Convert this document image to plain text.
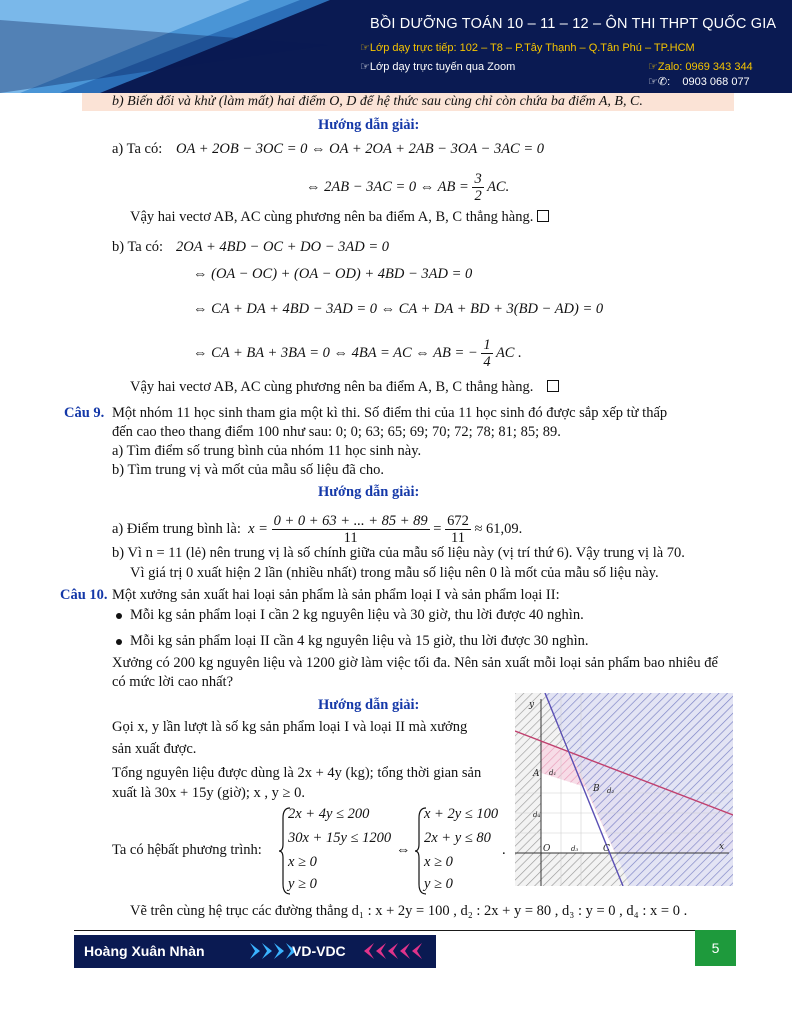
BỒI DƯỠNG TOÁN 10 – 11 – 12 – ÔN THI THPT QUỐC GIA
☞Lớp dạy trực tiếp: 102 – T8 – P.Tây Thạnh – Q.Tân Phú – TP.HCM
☞Lớp dạy trực tuyến qua Zoom	☞Zalo: 0969 343 344
☞✆: 0903 068 077
b) Biến đổi và khử (làm mất) hai điểm O, D để hệ thức sau cùng chỉ còn chứa ba điểm A, B, C.
Hướng dẫn giải:
a) Ta có: OA + 2OB − 3OC = 0 ⇔ OA + 2OA + 2AB − 3OA − 3AC = 0
⇔ 2AB − 3AC = 0 ⇔ AB = $\frac{3}{2}$ AC.
Vậy hai vectơ AB, AC cùng phương nên ba điểm A, B, C thẳng hàng.
b) Ta có: 2OA + 4BD − OC + DO − 3AD = 0
⇔ (OA − OC) + (OA − OD) + 4BD − 3AD = 0
⇔ CA + DA + 4BD − 3AD = 0 ⇔ CA + DA + BD + 3(BD − AD) = 0
⇔ CA + BA + 3BA = 0 ⇔ 4BA = AC ⇔ AB = − $\frac{1}{4}$ AC .
Vậy hai vectơ AB, AC cùng phương nên ba điểm A, B, C thẳng hàng.
Câu 9. Một nhóm 11 học sinh tham gia một kì thi. Số điểm thi của 11 học sinh đó được sắp xếp từ thấp
đến cao theo thang điểm 100 như sau: 0; 0; 63; 65; 69; 70; 72; 78; 81; 85; 89.
a) Tìm điểm số trung bình của nhóm 11 học sinh này.
b) Tìm trung vị và mốt của mẫu số liệu đã cho.
Hướng dẫn giải:
a) Điểm trung bình là: $x = \frac{0 + 0 + 63 + ... + 85 + 89}{11} = \frac{672}{11} \approx 61,09$.
b) Vì n = 11 (lẻ) nên trung vị là số chính giữa của mẫu số liệu này (vị trí thứ 6). Vậy trung vị là 70.
Vì giá trị 0 xuất hiện 2 lần (nhiều nhất) trong mẫu số liệu nên 0 là mốt của mẫu số liệu này.
Câu 10. Một xưởng sản xuất hai loại sản phẩm là sản phẩm loại I và sản phẩm loại II:
Mỗi kg sản phẩm loại I cần 2 kg nguyên liệu và 30 giờ, thu lời được 40 nghìn.
Mỗi kg sản phẩm loại II cần 4 kg nguyên liệu và 15 giờ, thu lời được 30 nghìn.
Xưởng có 200 kg nguyên liệu và 1200 giờ làm việc tối đa. Nên sản xuất mỗi loại sản phẩm bao nhiêu để
có mức lời cao nhất?
Hướng dẫn giải:
Gọi x, y lần lượt là số kg sản phẩm loại I và loại II mà xưởng
sản xuất được.
Tổng nguyên liệu được dùng là 2x + 4y (kg); tổng thời gian sản
xuất là 30x + 15y (giờ); x , y ≥ 0.
Ta có hệbất phương trình:
2x + 4y ≤ 200
30x + 15y ≤ 1200
x ≥ 0
y ≥ 0
⇔
x + 2y ≤ 100
2x + y ≤ 80
x ≥ 0
y ≥ 0
.
y
A d₁
B
d₄
O	d₃	C
d₂
x
Vẽ trên cùng hệ trục các đường thẳng d₁ : x + 2y = 100 , d₂ : 2x + y = 80 , d₃ : y = 0 , d₄ : x = 0 .
Hoàng Xuân Nhàn	VD-VDC	5
